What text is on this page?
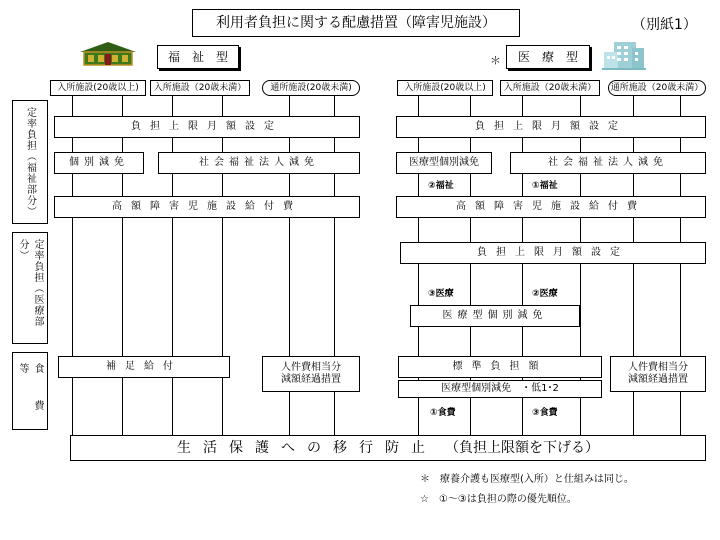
利用者負担に関する配慮措置（障害児施設）	（別紙1）
福　祉　型	＊	医　療　型
入所施設(20歳以上)	入所施設（20歳未満）	通所施設(20歳未満)	入所施設(20歳以上)	入所施設（20歳未満）	通所施設（20歳未満）
定率負担︵福祉部分︶
定率負担︵医療部分︶
食 費 等
負担上限月額設定
個別減免	社会福祉法人減免
高額障害児施設給付費
補足給付	人件費相当分
減額経過措置
負担上限月額設定
医療型個別減免	社会福祉法人減免
②福祉	①福祉
高額障害児施設給付費
負担上限月額設定
③医療	②医療
医療型個別減免
標準負担額
医療型個別減免　・低1･2
①食費	③食費
人件費相当分
減額経過措置
生活保護への移行防止 （負担上限額を下げる）
＊　療養介護も医療型(入所）と仕組みは同じ。
☆　①～③は負担の際の優先順位。
